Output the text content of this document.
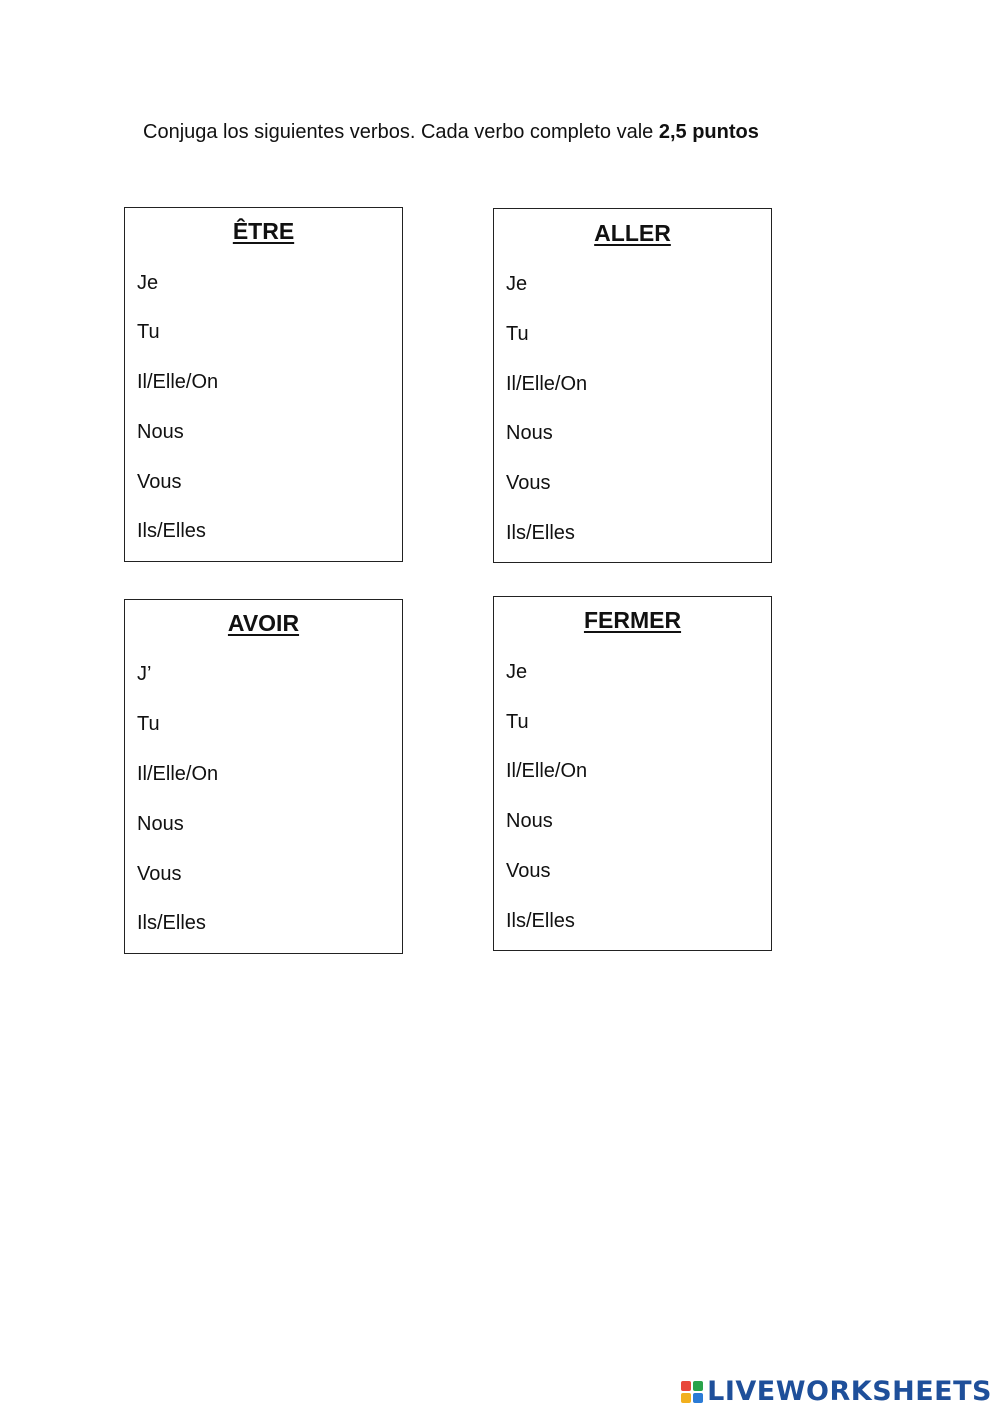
Conjuga los siguientes verbos. Cada verbo completo vale 2,5 puntos
ÊTRE
Je
Tu
Il/Elle/On
Nous
Vous
Ils/Elles
ALLER
Je
Tu
Il/Elle/On
Nous
Vous
Ils/Elles
AVOIR
J’
Tu
Il/Elle/On
Nous
Vous
Ils/Elles
FERMER
Je
Tu
Il/Elle/On
Nous
Vous
Ils/Elles
LIVEWORKSHEETS
